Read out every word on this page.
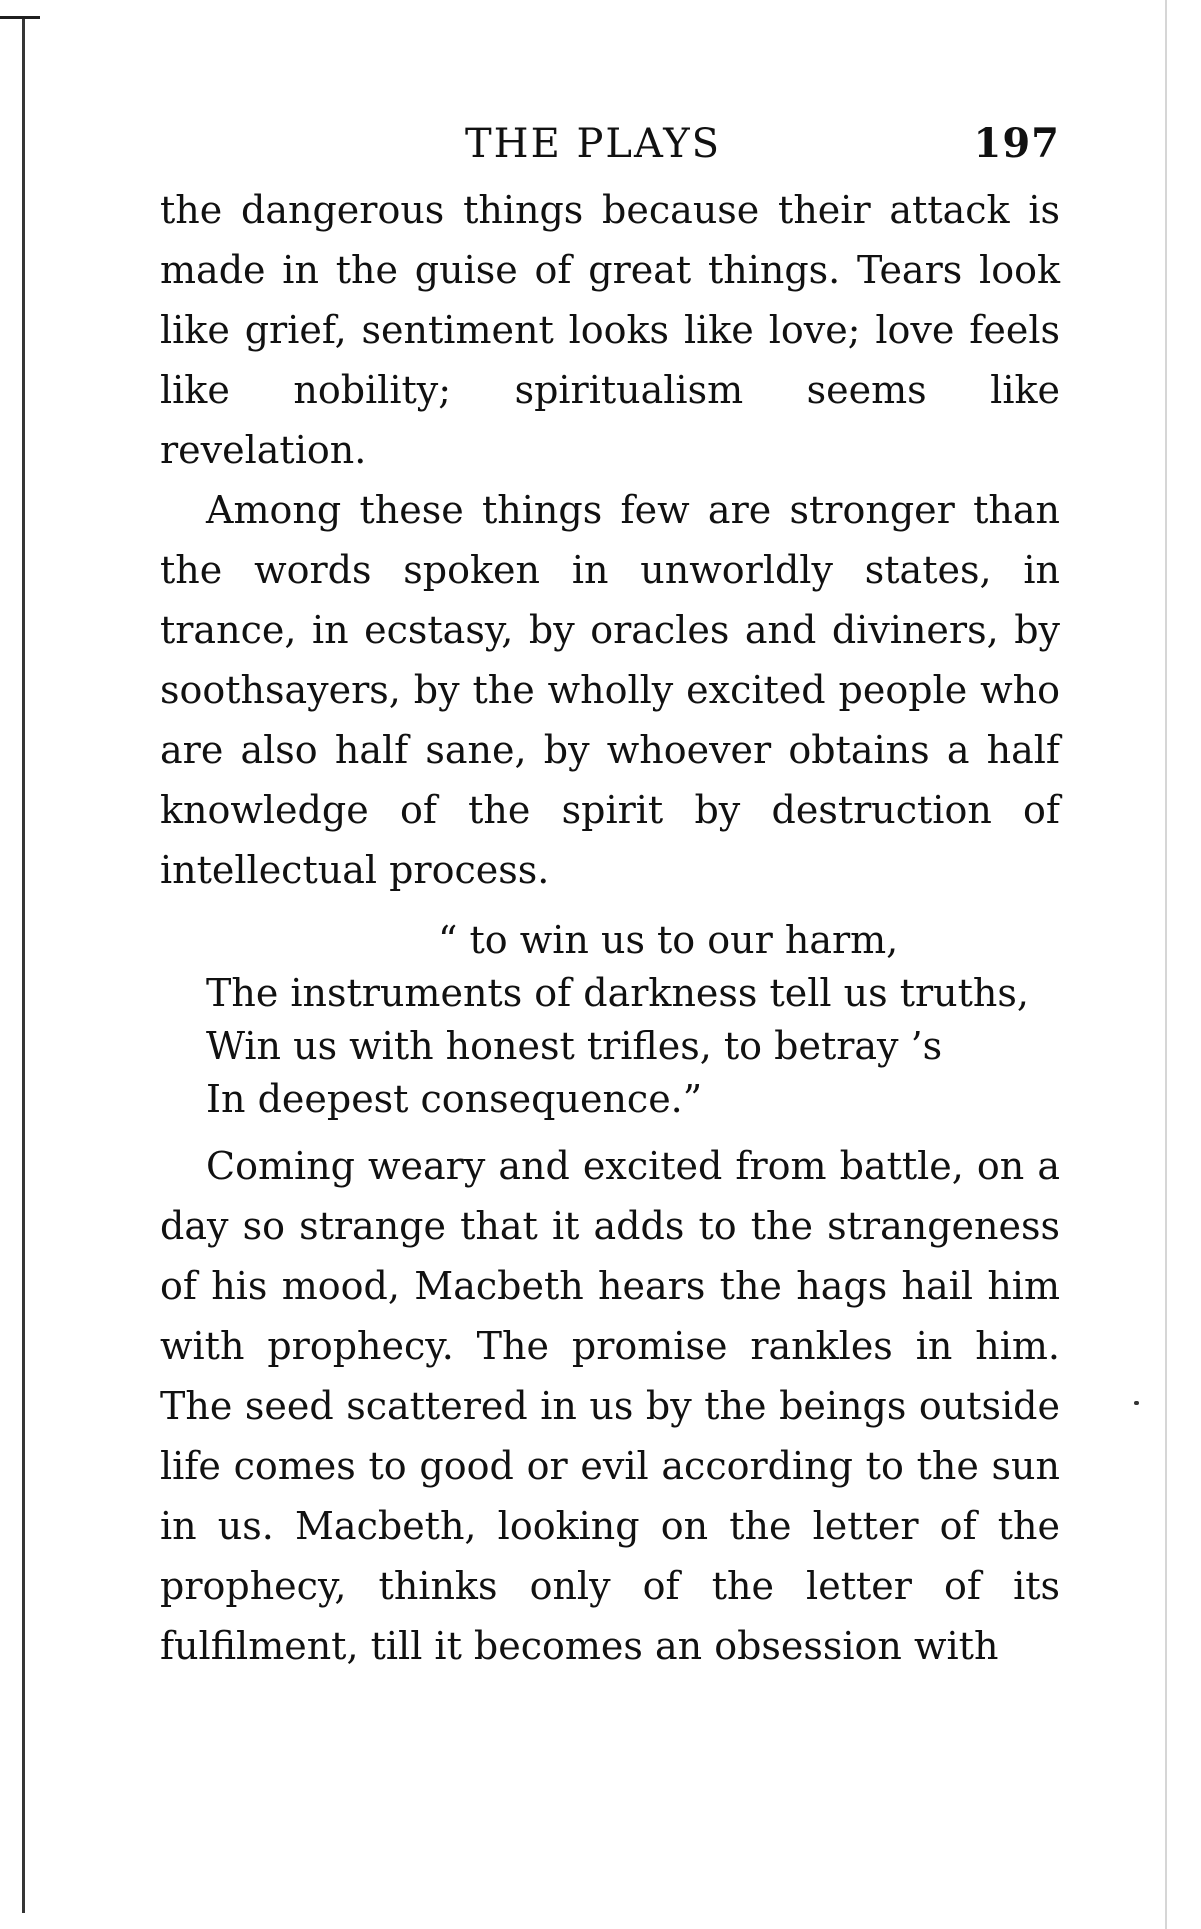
THE PLAYS	197

the dangerous things because their attack is made in the guise of great things. Tears look like grief, sentiment looks like love; love feels like nobility; spiritualism seems like revelation.

Among these things few are stronger than the words spoken in unworldly states, in trance, in ecstasy, by oracles and diviners, by soothsayers, by the wholly excited people who are also half sane, by whoever obtains a half knowledge of the spirit by destruction of intellectual process.

“ to win us to our harm,
The instruments of darkness tell us truths,
Win us with honest trifles, to betray ’s
In deepest consequence.”

Coming weary and excited from battle, on a day so strange that it adds to the strangeness of his mood, Macbeth hears the hags hail him with prophecy. The promise rankles in him. The seed scattered in us by the beings outside life comes to good or evil according to the sun in us. Macbeth, looking on the letter of the prophecy, thinks only of the letter of its fulfilment, till it becomes an obsession with
